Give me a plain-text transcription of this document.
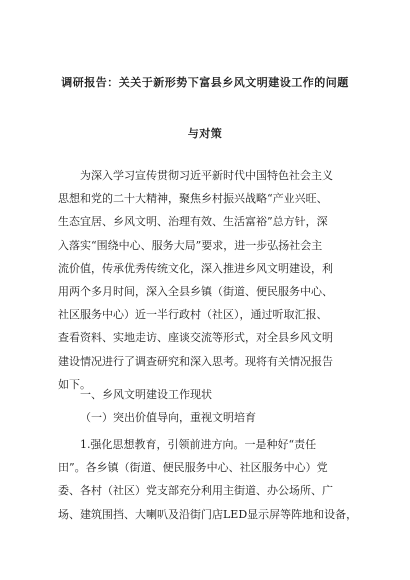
调研报告：关关于新形势下富县乡风文明建设工作的问题
与对策
为深入学习宣传贯彻习近平新时代中国特色社会主义
思想和党的二十大精神，聚焦乡村振兴战略“产业兴旺、
生态宜居、乡风文明、治理有效、生活富裕”总方针，深
入落实“围绕中心、服务大局”要求，进一步弘扬社会主
流价值，传承优秀传统文化，深入推进乡风文明建设，利
用两个多月时间，深入全县乡镇（街道、便民服务中心、
社区服务中心）近一半行政村（社区），通过听取汇报、
查看资料、实地走访、座谈交流等形式，对全县乡风文明
建设情况进行了调查研究和深入思考。现将有关情况报告
如下。
一、乡风文明建设工作现状
（一）突出价值导向，重视文明培育
1.强化思想教育，引领前进方向。一是种好“责任
田”。各乡镇（街道、便民服务中心、社区服务中心）党
委、各村（社区）党支部充分利用主街道、办公场所、广
场、建筑围挡、大喇叭及沿街门店LED显示屏等阵地和设备，
